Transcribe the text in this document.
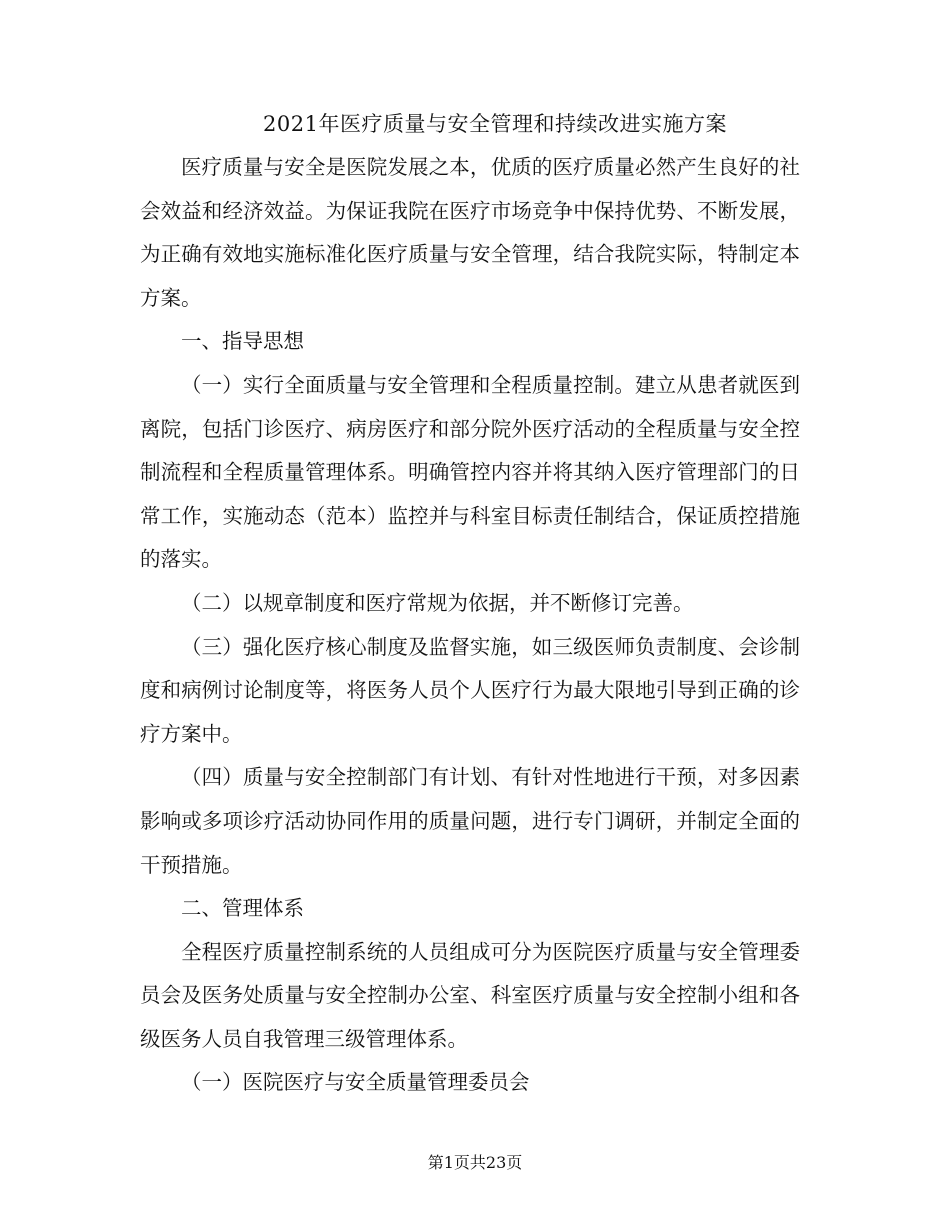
2021年医疗质量与安全管理和持续改进实施方案

医疗质量与安全是医院发展之本，优质的医疗质量必然产生良好的社会效益和经济效益。为保证我院在医疗市场竞争中保持优势、不断发展，为正确有效地实施标准化医疗质量与安全管理，结合我院实际，特制定本方案。

一、指导思想

（一）实行全面质量与安全管理和全程质量控制。建立从患者就医到离院，包括门诊医疗、病房医疗和部分院外医疗活动的全程质量与安全控制流程和全程质量管理体系。明确管控内容并将其纳入医疗管理部门的日常工作，实施动态（范本）监控并与科室目标责任制结合，保证质控措施的落实。

（二）以规章制度和医疗常规为依据，并不断修订完善。

（三）强化医疗核心制度及监督实施，如三级医师负责制度、会诊制度和病例讨论制度等，将医务人员个人医疗行为最大限地引导到正确的诊疗方案中。

（四）质量与安全控制部门有计划、有针对性地进行干预，对多因素影响或多项诊疗活动协同作用的质量问题，进行专门调研，并制定全面的干预措施。

二、管理体系

全程医疗质量控制系统的人员组成可分为医院医疗质量与安全管理委员会及医务处质量与安全控制办公室、科室医疗质量与安全控制小组和各级医务人员自我管理三级管理体系。

（一）医院医疗与安全质量管理委员会

第1页共23页
